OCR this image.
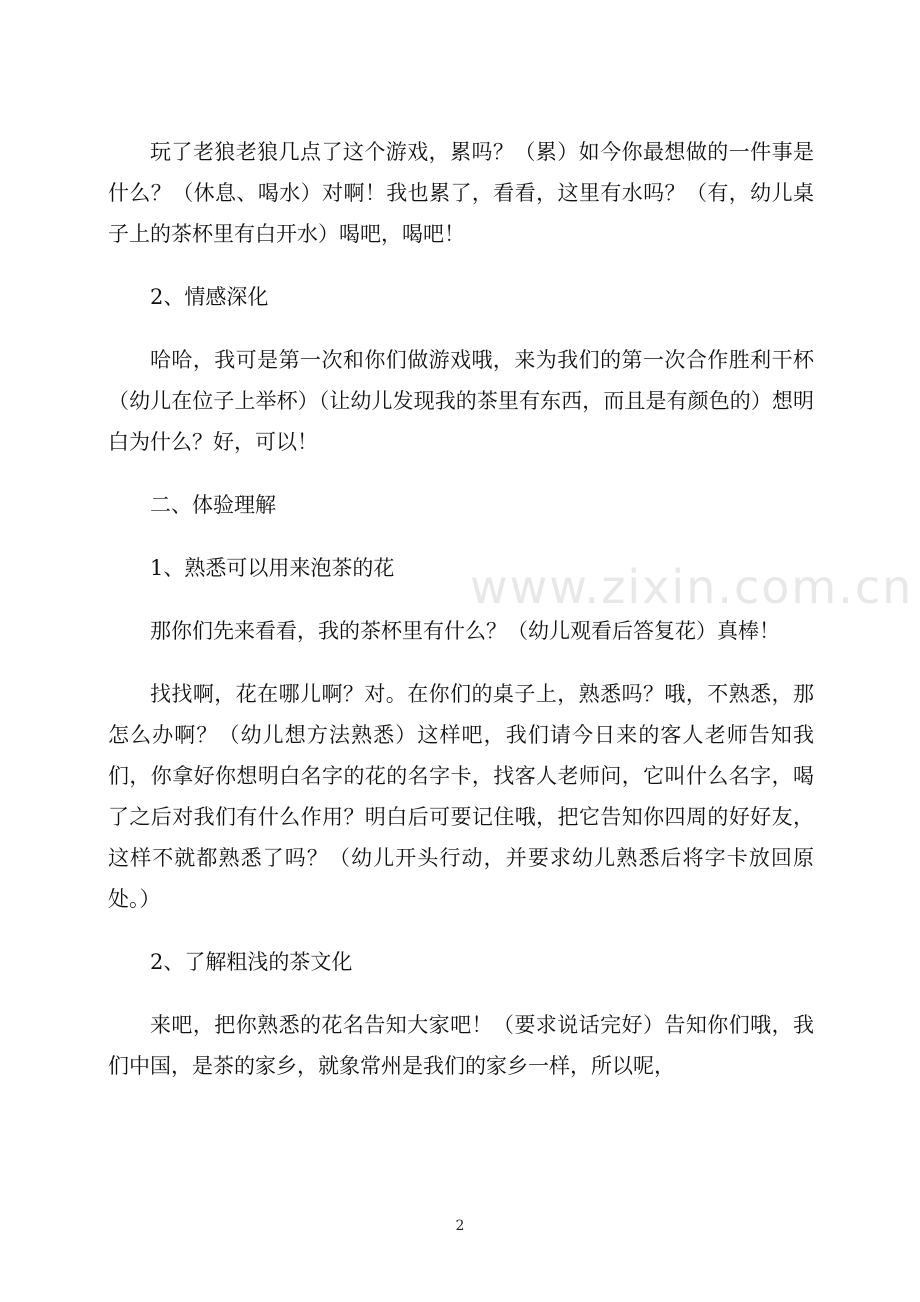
www.zixin.com.cn

玩了老狼老狼几点了这个游戏，累吗？（累）如今你最想做的一件事是什么？（休息、喝水）对啊！我也累了，看看，这里有水吗？（有，幼儿桌子上的茶杯里有白开水）喝吧，喝吧！

2、情感深化

哈哈，我可是第一次和你们做游戏哦，来为我们的第一次合作胜利干杯（幼儿在位子上举杯）（让幼儿发现我的茶里有东西，而且是有颜色的）想明白为什么？好，可以！

二、体验理解

1、熟悉可以用来泡茶的花

那你们先来看看，我的茶杯里有什么？（幼儿观看后答复花）真棒！

找找啊，花在哪儿啊？对。在你们的桌子上，熟悉吗？哦，不熟悉，那怎么办啊？（幼儿想方法熟悉）这样吧，我们请今日来的客人老师告知我们，你拿好你想明白名字的花的名字卡，找客人老师问，它叫什么名字，喝了之后对我们有什么作用？明白后可要记住哦，把它告知你四周的好好友，这样不就都熟悉了吗？（幼儿开头行动，并要求幼儿熟悉后将字卡放回原处。）

2、了解粗浅的茶文化

来吧，把你熟悉的花名告知大家吧！（要求说话完好）告知你们哦，我们中国，是茶的家乡，就象常州是我们的家乡一样，所以呢，

2
